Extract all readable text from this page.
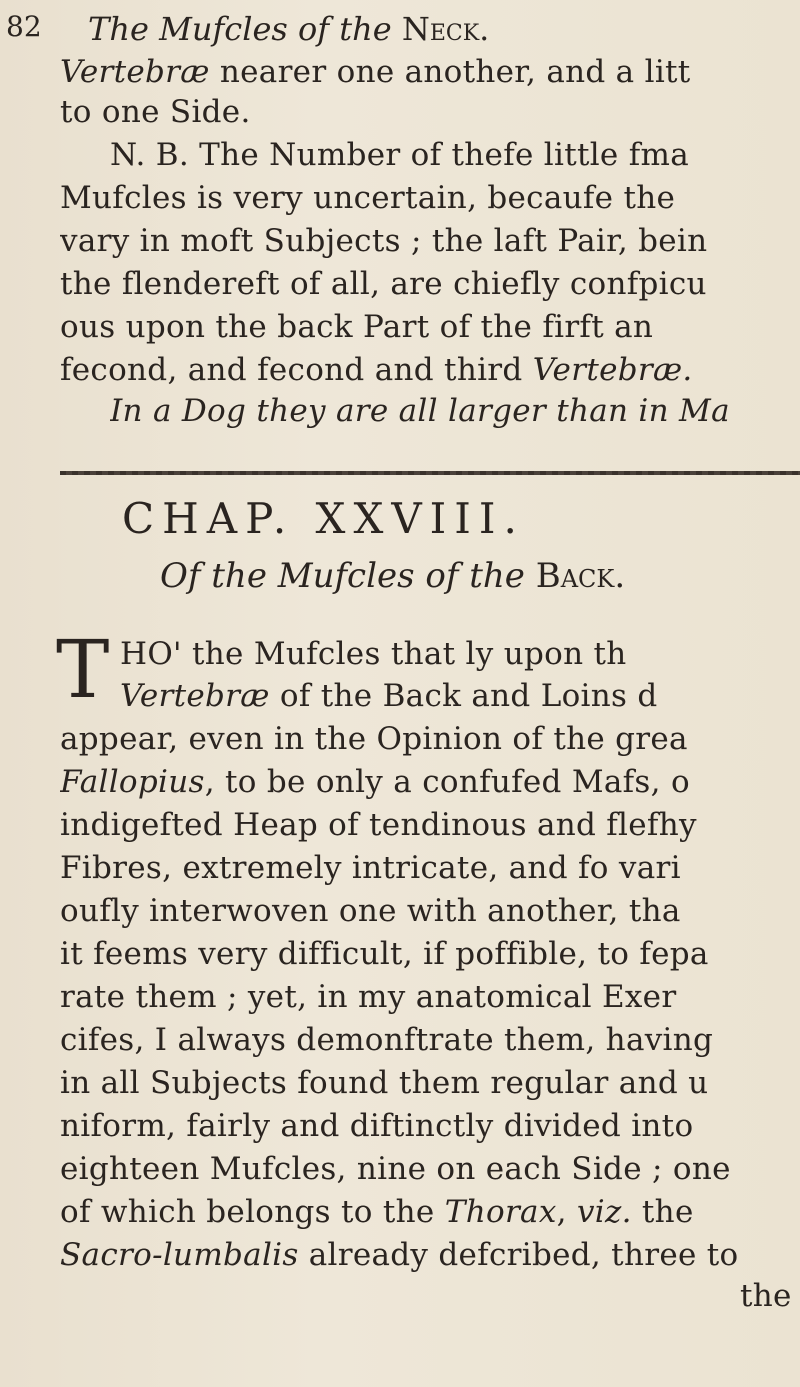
82 The Mufcles of the Neck.
Vertebræ nearer one another, and a litt
to one Side.
N. B. The Number of thefe little fma
Mufcles is very uncertain, becaufe the
vary in moft Subjects ; the laft Pair, bein
the flendereft of all, are chiefly confpicu
ous upon the back Part of the firft an
fecond, and fecond and third Vertebræ.
In a Dog they are all larger than in Ma
CHAP. XXVIII.
Of the Mufcles of the Back.
T HO' the Mufcles that ly upon th
Vertebræ of the Back and Loins d
appear, even in the Opinion of the grea
Fallopius, to be only a confufed Mafs, o
indigefted Heap of tendinous and flefhy
Fibres, extremely intricate, and fo vari
oufly interwoven one with another, tha
it feems very difficult, if poffible, to fepa
rate them ; yet, in my anatomical Exer
cifes, I always demonftrate them, having
in all Subjects found them regular and u
niform, fairly and diftinctly divided into
eighteen Mufcles, nine on each Side ; one
of which belongs to the Thorax, viz. the
Sacro-lumbalis already defcribed, three to
the
